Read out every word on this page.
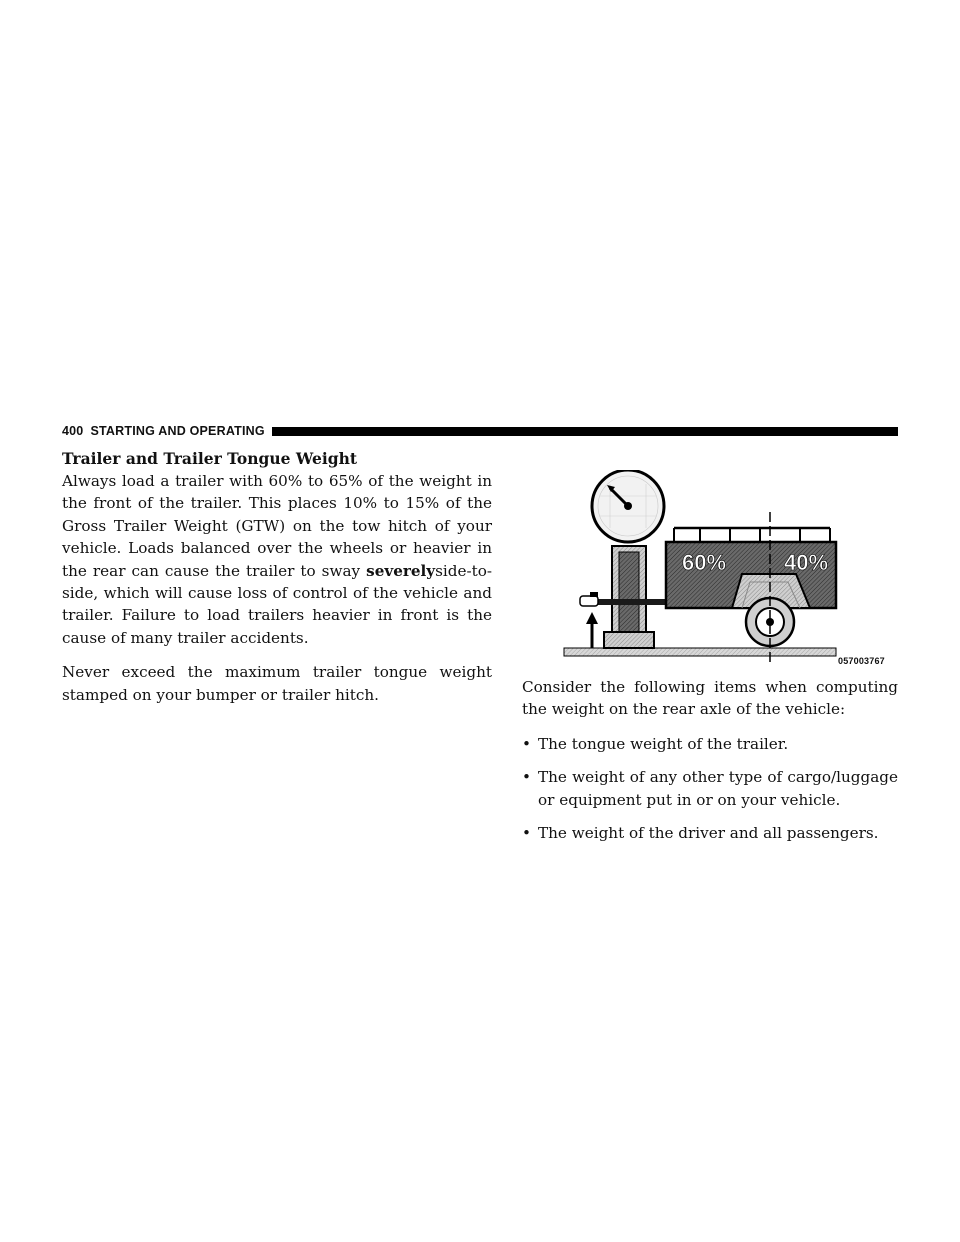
400 STARTING AND OPERATING
Trailer and Trailer Tongue Weight

Always load a trailer with 60% to 65% of the weight in the front of the trailer. This places 10% to 15% of the Gross Trailer Weight (GTW) on the tow hitch of your vehicle. Loads balanced over the wheels or heavier in the rear can cause the trailer to sway severelyside-to-side, which will cause loss of control of the vehicle and trailer. Failure to load trailers heavier in front is the cause of many trailer accidents.

Never exceed the maximum trailer tongue weight stamped on your bumper or trailer hitch.

60%	40%
057003767

Consider the following items when computing the weight on the rear axle of the vehicle:

• The tongue weight of the trailer.
• The weight of any other type of cargo/luggage or equipment put in or on your vehicle.
• The weight of the driver and all passengers.
